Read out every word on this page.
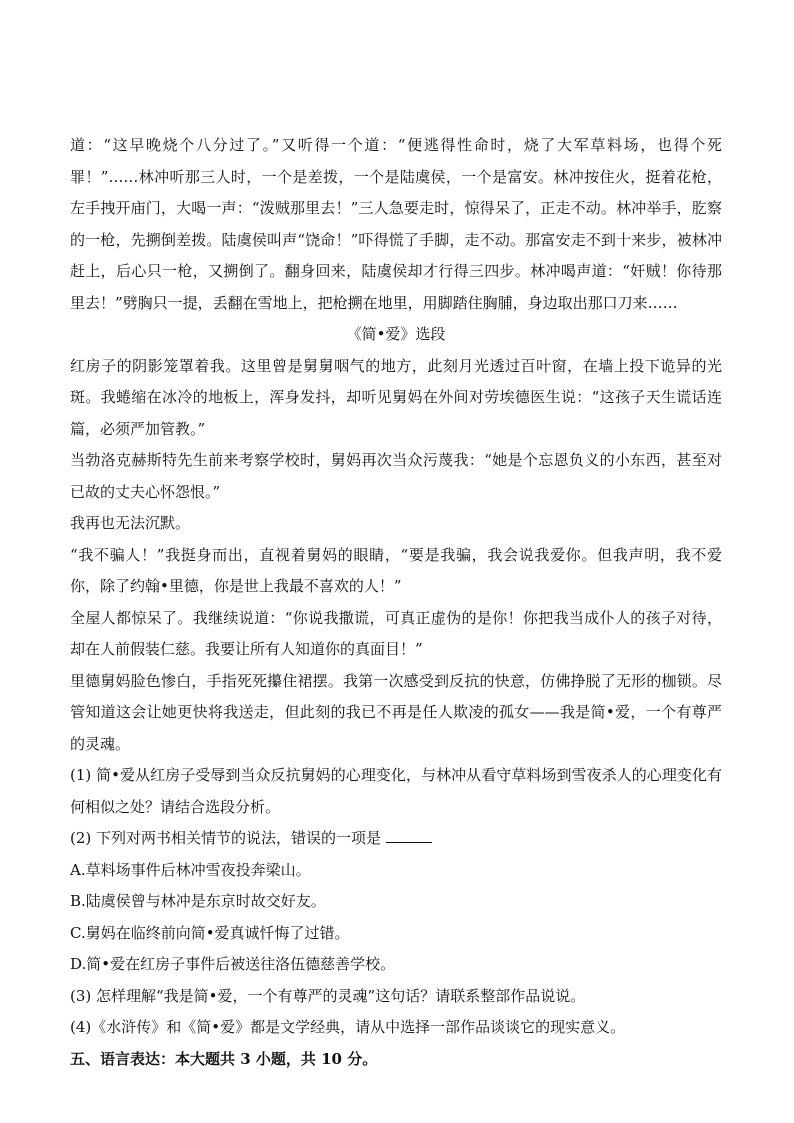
道：“这早晚烧个八分过了。”又听得一个道：“便逃得性命时，烧了大军草料场，也得个死罪！”……林冲听那三人时，一个是差拨，一个是陆虞侯，一个是富安。林冲按住火，挺着花枪，左手拽开庙门，大喝一声：“泼贼那里去！”三人急要走时，惊得呆了，正走不动。林冲举手，肐察的一枪，先搠倒差拨。陆虞侯叫声“饶命！”吓得慌了手脚，走不动。那富安走不到十来步，被林冲赶上，后心只一枪，又搠倒了。翻身回来，陆虞侯却才行得三四步。林冲喝声道：“奸贼！你待那里去！”劈胸只一提，丢翻在雪地上，把枪搠在地里，用脚踏住胸脯，身边取出那口刀来……

《简•爱》选段

红房子的阴影笼罩着我。这里曾是舅舅咽气的地方，此刻月光透过百叶窗，在墙上投下诡异的光斑。我蜷缩在冰冷的地板上，浑身发抖，却听见舅妈在外间对劳埃德医生说：“这孩子天生谎话连篇，必须严加管教。”

当勃洛克赫斯特先生前来考察学校时，舅妈再次当众污蔑我：“她是个忘恩负义的小东西，甚至对已故的丈夫心怀怨恨。”

我再也无法沉默。

“我不骗人！”我挺身而出，直视着舅妈的眼睛，“要是我骗，我会说我爱你。但我声明，我不爱你，除了约翰•里德，你是世上我最不喜欢的人！”

全屋人都惊呆了。我继续说道：“你说我撒谎，可真正虚伪的是你！你把我当成仆人的孩子对待，却在人前假装仁慈。我要让所有人知道你的真面目！”

里德舅妈脸色惨白，手指死死攥住裙摆。我第一次感受到反抗的快意，仿佛挣脱了无形的枷锁。尽管知道这会让她更快将我送走，但此刻的我已不再是任人欺凌的孤女——我是简•爱，一个有尊严的灵魂。

(1) 简•爱从红房子受辱到当众反抗舅妈的心理变化，与林冲从看守草料场到雪夜杀人的心理变化有何相似之处？请结合选段分析。

(2) 下列对两书相关情节的说法，错误的一项是

A.草料场事件后林冲雪夜投奔梁山。

B.陆虞侯曾与林冲是东京时故交好友。

C.舅妈在临终前向简•爱真诚忏悔了过错。

D.简•爱在红房子事件后被送往洛伍德慈善学校。

(3) 怎样理解“我是简•爱，一个有尊严的灵魂”这句话？请联系整部作品说说。

(4)《水浒传》和《简•爱》都是文学经典，请从中选择一部作品谈谈它的现实意义。

五、语言表达：本大题共 3 小题，共 10 分。
